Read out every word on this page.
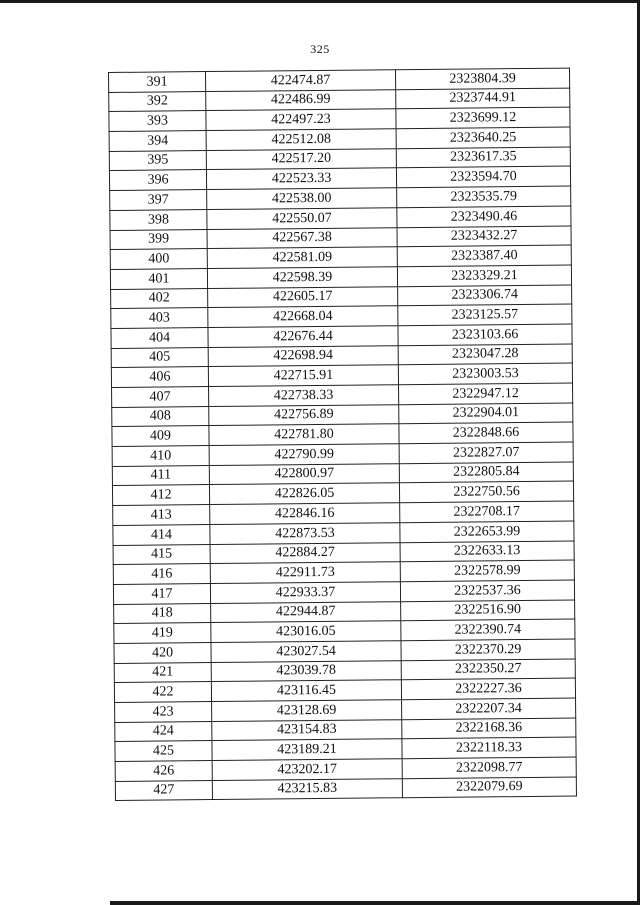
325
391	422474.87	2323804.39
392	422486.99	2323744.91
393	422497.23	2323699.12
394	422512.08	2323640.25
395	422517.20	2323617.35
396	422523.33	2323594.70
397	422538.00	2323535.79
398	422550.07	2323490.46
399	422567.38	2323432.27
400	422581.09	2323387.40
401	422598.39	2323329.21
402	422605.17	2323306.74
403	422668.04	2323125.57
404	422676.44	2323103.66
405	422698.94	2323047.28
406	422715.91	2323003.53
407	422738.33	2322947.12
408	422756.89	2322904.01
409	422781.80	2322848.66
410	422790.99	2322827.07
411	422800.97	2322805.84
412	422826.05	2322750.56
413	422846.16	2322708.17
414	422873.53	2322653.99
415	422884.27	2322633.13
416	422911.73	2322578.99
417	422933.37	2322537.36
418	422944.87	2322516.90
419	423016.05	2322390.74
420	423027.54	2322370.29
421	423039.78	2322350.27
422	423116.45	2322227.36
423	423128.69	2322207.34
424	423154.83	2322168.36
425	423189.21	2322118.33
426	423202.17	2322098.77
427	423215.83	2322079.69
